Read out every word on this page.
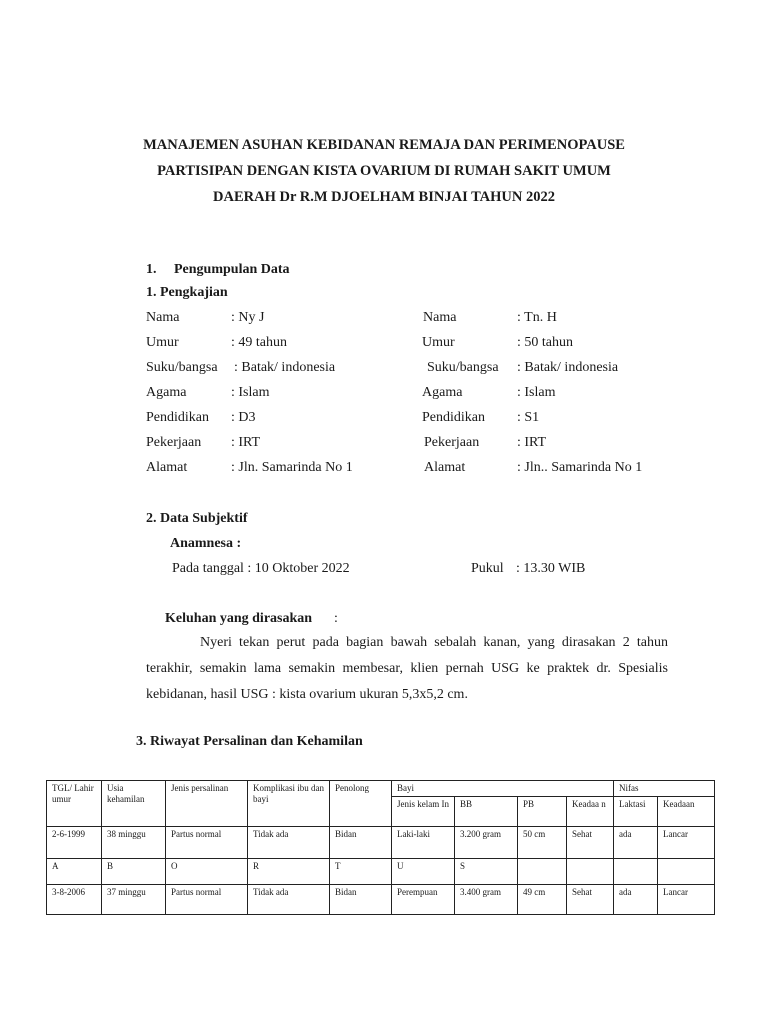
MANAJEMEN ASUHAN KEBIDANAN REMAJA DAN PERIMENOPAUSE
PARTISIPAN DENGAN KISTA OVARIUM DI RUMAH SAKIT UMUM
DAERAH Dr R.M DJOELHAM BINJAI TAHUN 2022
1. Pengumpulan Data
1. Pengkajian
Nama	: Ny J	Nama	: Tn. H
Umur	: 49 tahun	Umur	: 50 tahun
Suku/bangsa : Batak/ indonesia	Suku/bangsa : Batak/ indonesia
Agama	: Islam	Agama	: Islam
Pendidikan : D3	Pendidikan : S1
Pekerjaan : IRT	Pekerjaan	: IRT
Alamat	: Jln. Samarinda No 1	Alamat	: Jln.. Samarinda No 1
2. Data Subjektif
Anamnesa :
Pada tanggal : 10 Oktober 2022	Pukul : 13.30 WIB
Keluhan yang dirasakan :
Nyeri tekan perut pada bagian bawah sebalah kanan, yang dirasakan 2 tahun terakhir, semakin lama semakin membesar, klien pernah USG ke praktek dr. Spesialis kebidanan, hasil USG : kista ovarium ukuran 5,3x5,2 cm.
3. Riwayat Persalinan dan Kehamilan
TGL/ Lahir umur	Usia kehamilan	Jenis persalinan	Komplikasi ibu dan bayi	Penolong	Bayi				Nifas	
					Jenis kelam In	BB	PB	Keadaa n	Laktasi	Keadaan
2-6-1999	38 minggu	Partus normal	Tidak ada	Bidan	Laki-laki	3.200 gram	50 cm	Sehat	ada	Lancar
A	B	O	R	T	U	S				
3-8-2006	37 minggu	Partus normal	Tidak ada	Bidan	Perempuan	3.400 gram	49 cm	Sehat	ada	Lancar
